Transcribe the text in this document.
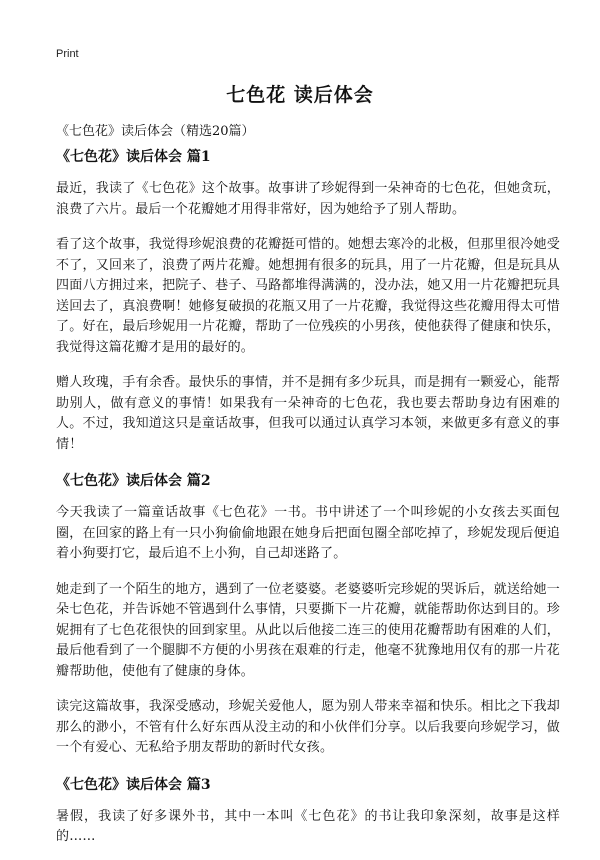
Print
七色花 读后体会

《七色花》读后体会（精选20篇）

《七色花》读后体会 篇1

最近，我读了《七色花》这个故事。故事讲了珍妮得到一朵神奇的七色花，但她贪玩，浪费了六片。最后一个花瓣她才用得非常好，因为她给予了别人帮助。

看了这个故事，我觉得珍妮浪费的花瓣挺可惜的。她想去寒冷的北极，但那里很冷她受不了，又回来了，浪费了两片花瓣。她想拥有很多的玩具，用了一片花瓣，但是玩具从四面八方拥过来，把院子、巷子、马路都堆得满满的，没办法，她又用一片花瓣把玩具送回去了，真浪费啊！她修复破损的花瓶又用了一片花瓣，我觉得这些花瓣用得太可惜了。好在，最后珍妮用一片花瓣，帮助了一位残疾的小男孩，使他获得了健康和快乐，我觉得这篇花瓣才是用的最好的。

赠人玫瑰，手有余香。最快乐的事情，并不是拥有多少玩具，而是拥有一颗爱心，能帮助别人，做有意义的事情！如果我有一朵神奇的七色花，我也要去帮助身边有困难的人。不过，我知道这只是童话故事，但我可以通过认真学习本领，来做更多有意义的事情！

《七色花》读后体会 篇2

今天我读了一篇童话故事《七色花》一书。书中讲述了一个叫珍妮的小女孩去买面包圈，在回家的路上有一只小狗偷偷地跟在她身后把面包圈全部吃掉了，珍妮发现后便追着小狗要打它，最后追不上小狗，自己却迷路了。

她走到了一个陌生的地方，遇到了一位老婆婆。老婆婆听完珍妮的哭诉后，就送给她一朵七色花，并告诉她不管遇到什么事情，只要撕下一片花瓣，就能帮助你达到目的。珍妮拥有了七色花很快的回到家里。从此以后他接二连三的使用花瓣帮助有困难的人们，最后他看到了一个腿脚不方便的小男孩在艰难的行走，他毫不犹豫地用仅有的那一片花瓣帮助他，使他有了健康的身体。

读完这篇故事，我深受感动，珍妮关爱他人，愿为别人带来幸福和快乐。相比之下我却那么的渺小，不管有什么好东西从没主动的和小伙伴们分享。以后我要向珍妮学习，做一个有爱心、无私给予朋友帮助的新时代女孩。

《七色花》读后体会 篇3

暑假，我读了好多课外书，其中一本叫《七色花》的书让我印象深刻，故事是这样的……
